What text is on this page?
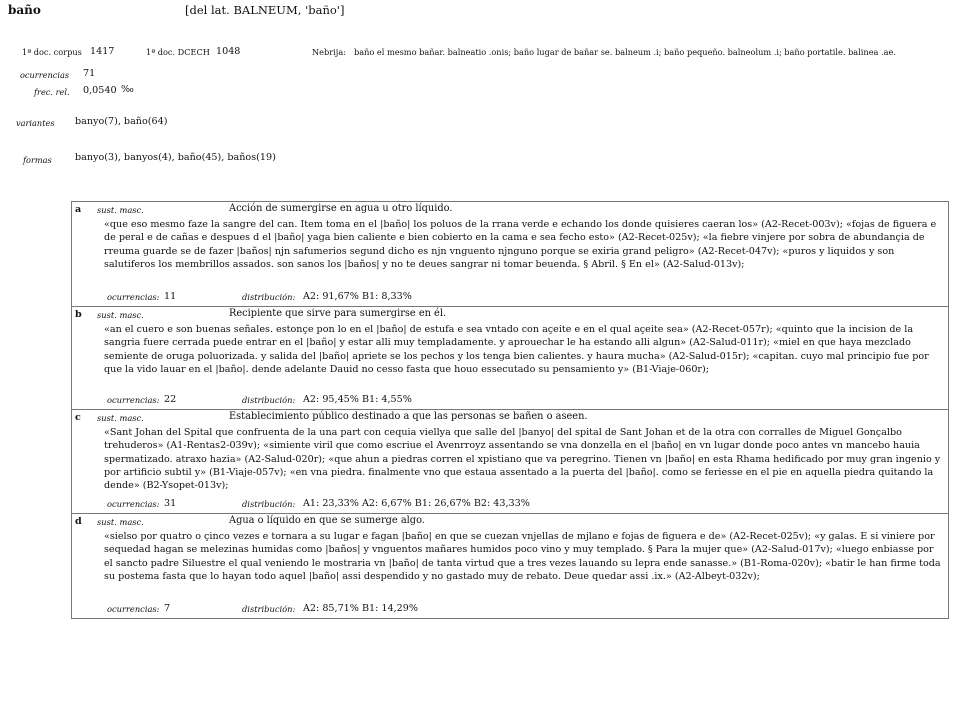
baño	[del lat. BALNEUM, 'baño']
1ª doc. corpus 1417	1ª doc. DCECH 1048	Nebrija: baño el mesmo bañar. balneatio .onis; baño lugar de bañar se. balneum .i; baño pequeño. balneolum .i; baño portatile. balinea .ae.
ocurrencias 71
frec. rel. 0,0540 ‰
variantes banyo(7), baño(64)
formas banyo(3), banyos(4), baño(45), baños(19)
a sust. masc.	Acción de sumergirse en agua u otro líquido.
«que eso mesmo faze la sangre del can. Item toma en el |baño| los poluos de la rrana verde e echando los donde quisieres caeran los» (A2-Recet-003v); «fojas de figuera e de peral e de cañas e despues d el |baño| yaga bien caliente e bien cobierto en la cama e sea fecho esto» (A2-Recet-025v); «la fiebre vinjere por sobra de abundançia de rreuma guarde se de fazer |baños| njn safumerios segund dicho es njn vnguento njnguno porque se exiria grand peligro» (A2-Recet-047v); «puros y liquidos y son salutiferos los membrillos assados. son sanos los |baños| y no te deues sangrar ni tomar beuenda. § Abril. § En el» (A2-Salud-013v);
ocurrencias: 11	distribución: A2: 91,67% B1: 8,33%
b sust. masc.	Recipiente que sirve para sumergirse en él.
«an el cuero e son buenas señales. estonçe pon lo en el |baño| de estufa e sea vntado con açeite e en el qual açeite sea» (A2-Recet-057r); «quinto que la incision de la sangria fuere cerrada puede entrar en el |baño| y estar alli muy templadamente. y aprouechar le ha estando alli algun» (A2-Salud-011r); «miel en que haya mezclado semiente de oruga poluorizada. y salida del |baño| apriete se los pechos y los tenga bien calientes. y haura mucha» (A2-Salud-015r); «capitan. cuyo mal principio fue por que la vido lauar en el |baño|. dende adelante Dauid no cesso fasta que houo essecutado su pensamiento y» (B1-Viaje-060r);
ocurrencias: 22	distribución: A2: 95,45% B1: 4,55%
c sust. masc.	Establecimiento público destinado a que las personas se bañen o aseen.
«Sant Johan del Spital que confruenta de la una part con cequia viellya que salle del |banyo| del spital de Sant Johan et de la otra con corralles de Miguel Gonçalbo trehuderos» (A1-Rentas2-039v); «simiente viril que como escriue el Avenrroyz assentando se vna donzella en el |baño| en vn lugar donde poco antes vn mancebo hauia spermatizado. atraxo hazia» (A2-Salud-020r); «que ahun a piedras corren el xpistiano que va peregrino. Tienen vn |baño| en esta Rhama hedificado por muy gran ingenio y por artificio subtil y» (B1-Viaje-057v); «en vna piedra. finalmente vno que estaua assentado a la puerta del |baño|. como se feriesse en el pie en aquella piedra quitando la dende» (B2-Ysopet-013v);
ocurrencias: 31	distribución: A1: 23,33% A2: 6,67% B1: 26,67% B2: 43,33%
d sust. masc.	Agua o líquido en que se sumerge algo.
«sielso por quatro o çinco vezes e tornara a su lugar e fagan |baño| en que se cuezan vnjellas de mjlano e fojas de figuera e de» (A2-Recet-025v); «y galas. E si viniere por sequedad hagan se melezinas humidas como |baños| y vnguentos mañares humidos poco vino y muy templado. § Para la mujer que» (A2-Salud-017v); «luego enbiasse por el sancto padre Siluestre el qual veniendo le mostraria vn |baño| de tanta virtud que a tres vezes lauando su lepra ende sanasse.» (B1-Roma-020v); «batir le han firme toda su postema fasta que lo hayan todo aquel |baño| assi despendido y no gastado muy de rebato. Deue quedar assi .ix.» (A2-Albeyt-032v);
ocurrencias: 7	distribución: A2: 85,71% B1: 14,29%
